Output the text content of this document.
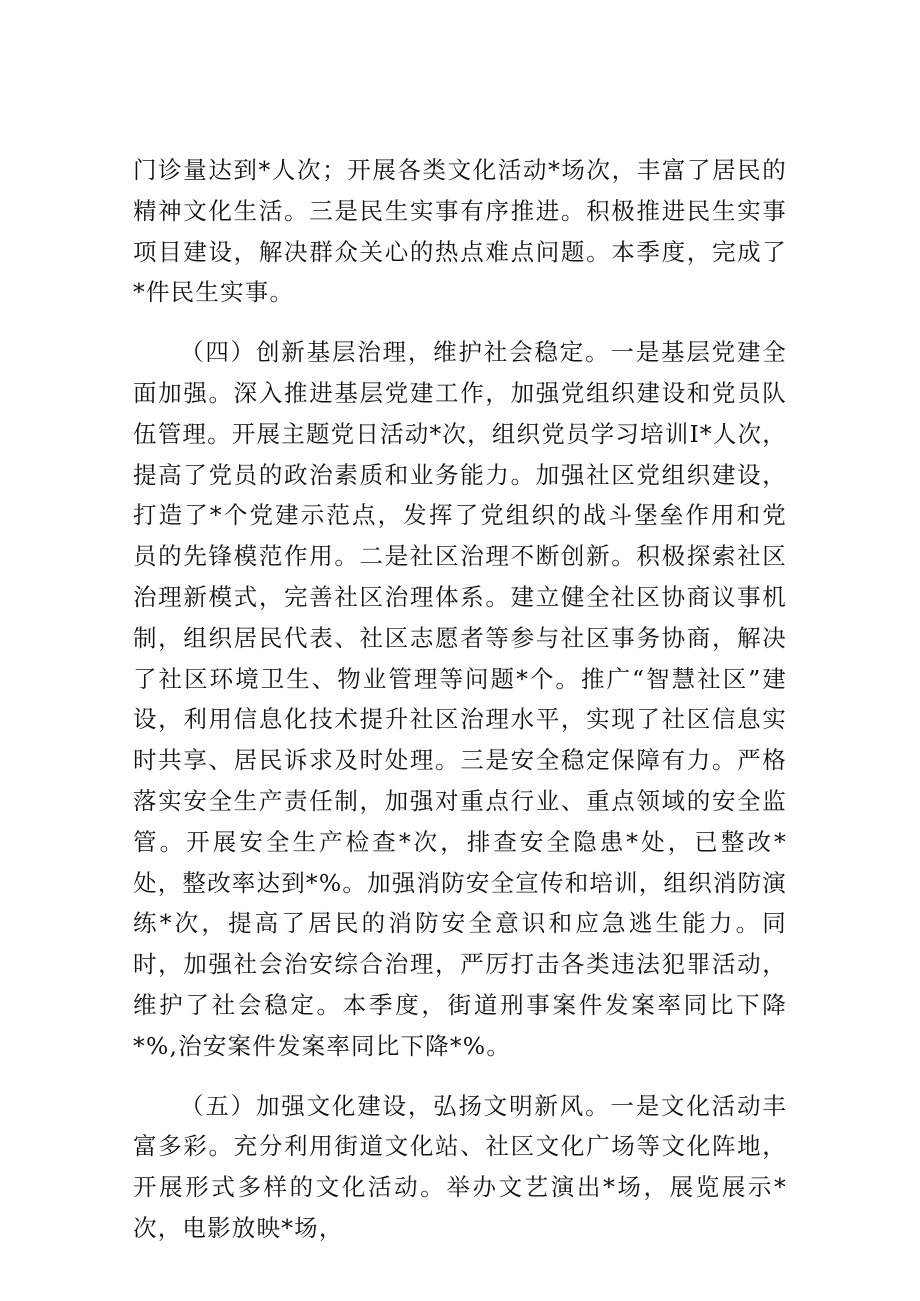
门诊量达到*人次；开展各类文化活动*场次，丰富了居民的精神文化生活。三是民生实事有序推进。积极推进民生实事项目建设，解决群众关心的热点难点问题。本季度，完成了*件民生实事。

（四）创新基层治理，维护社会稳定。一是基层党建全面加强。深入推进基层党建工作，加强党组织建设和党员队伍管理。开展主题党日活动*次，组织党员学习培训I*人次，提高了党员的政治素质和业务能力。加强社区党组织建设，打造了*个党建示范点，发挥了党组织的战斗堡垒作用和党员的先锋模范作用。二是社区治理不断创新。积极探索社区治理新模式，完善社区治理体系。建立健全社区协商议事机制，组织居民代表、社区志愿者等参与社区事务协商，解决了社区环境卫生、物业管理等问题*个。推广“智慧社区”建设，利用信息化技术提升社区治理水平，实现了社区信息实时共享、居民诉求及时处理。三是安全稳定保障有力。严格落实安全生产责任制，加强对重点行业、重点领域的安全监管。开展安全生产检查*次，排查安全隐患*处，已整改*处，整改率达到*%。加强消防安全宣传和培训，组织消防演练*次，提高了居民的消防安全意识和应急逃生能力。同时，加强社会治安综合治理，严厉打击各类违法犯罪活动，维护了社会稳定。本季度，街道刑事案件发案率同比下降*%,治安案件发案率同比下降*%。

（五）加强文化建设，弘扬文明新风。一是文化活动丰富多彩。充分利用街道文化站、社区文化广场等文化阵地，开展形式多样的文化活动。举办文艺演出*场，展览展示*次，电影放映*场，
